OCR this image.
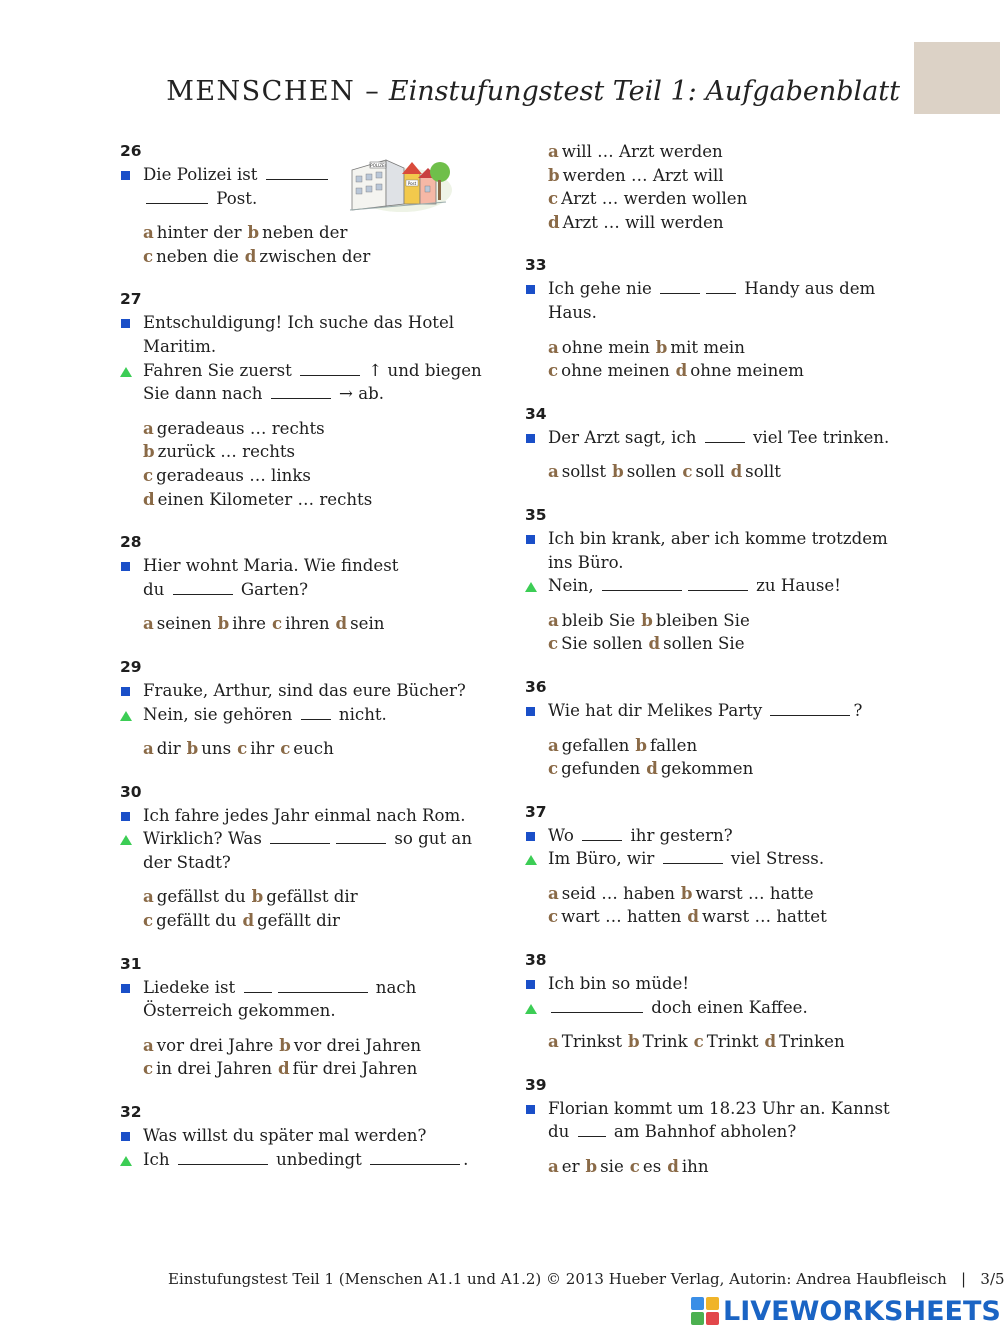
MENSCHEN – Einstufungstest Teil 1: Aufgabenblatt
26
Die Polizei ist
Post.
a hinter der b neben der
c neben die d zwischen der
27
Entschuldigung! Ich suche das Hotel
Maritim.
Fahren Sie zuerst	↑ und biegen
Sie dann nach	→ ab.
a geradeaus … rechts
b zurück … rechts
c geradeaus … links
d einen Kilometer … rechts
28
Hier wohnt Maria. Wie findest
du	Garten?
a seinen b ihre c ihren d sein
29
Frauke, Arthur, sind das eure Bücher?
Nein, sie gehören  nicht.
a dir b uns c ihr c euch
30
Ich fahre jedes Jahr einmal nach Rom.
Wirklich? Was	so gut an
der Stadt?
a gefällst du b gefällst dir
c gefällt du d gefällt dir
31
Liedeke ist	nach
Österreich gekommen.
a vor drei Jahre b vor drei Jahren
c in drei Jahren d für drei Jahren
32
Was willst du später mal werden?
Ich	unbedingt	.
a will … Arzt werden
b werden … Arzt will
c Arzt … werden wollen
d Arzt … will werden
33
Ich gehe nie	Handy aus dem
Haus.
a ohne mein b mit mein
c ohne meinen d ohne meinem
34
Der Arzt sagt, ich	viel Tee trinken.
a sollst b sollen c soll d sollt
35
Ich bin krank, aber ich komme trotzdem
ins Büro.
Nein,	zu Hause!
a bleib Sie b bleiben Sie
c Sie sollen d sollen Sie
36
Wie hat dir Melikes Party	?
a gefallen b fallen
c gefunden d gekommen
37
Wo	ihr gestern?
Im Büro, wir	viel Stress.
a seid … haben b warst … hatte
c wart … hatten d warst … hattet
38
Ich bin so müde!
doch einen Kaffee.
a Trinkst b Trink c Trinkt d Trinken
39
Florian kommt um 18.23 Uhr an. Kannst
du  am Bahnhof abholen?
a er b sie c es d ihn
POLIZEI
Post
Einstufungstest Teil 1 (Menschen A1.1 und A1.2) © 2013 Hueber Verlag, Autorin: Andrea Haubfleisch | 3/5
LIVEWORKSHEETS
